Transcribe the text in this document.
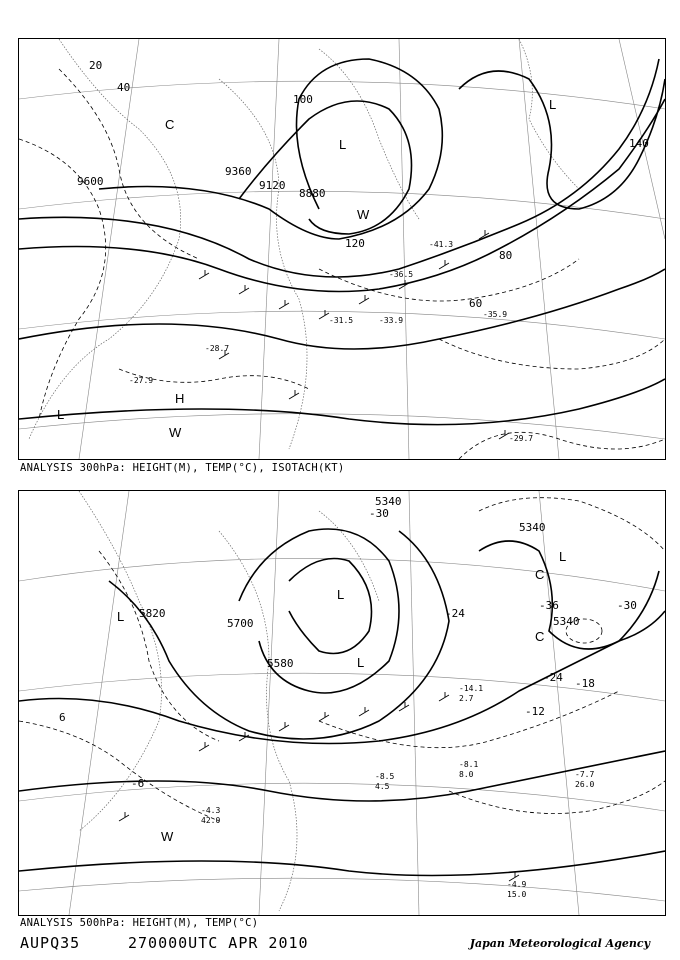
9600
9360
9120
8880
20
40
60
80
100
120
140
-27.9
-28.7
-29.7
-31.5	-33.9
-35.9
-36.5
-41.3
L
L
L
H
W
W
C
ANALYSIS 300hPa: HEIGHT(M), TEMP(°C), ISOTACH(KT)
5820
5700
5580
5340
5340
5340
-6
-12
-18
-24
-30
-30
-36
-24
6
-4.9
15.0
-7.7
26.0
-8.1
8.0
-8.5
4.5
-4.3
42.0
-14.1
2.7
L
L
L
L
W
C
C
ANALYSIS 500hPa: HEIGHT(M), TEMP(°C)
AUPQ35	270000UTC APR 2010	Japan Meteorological Agency
